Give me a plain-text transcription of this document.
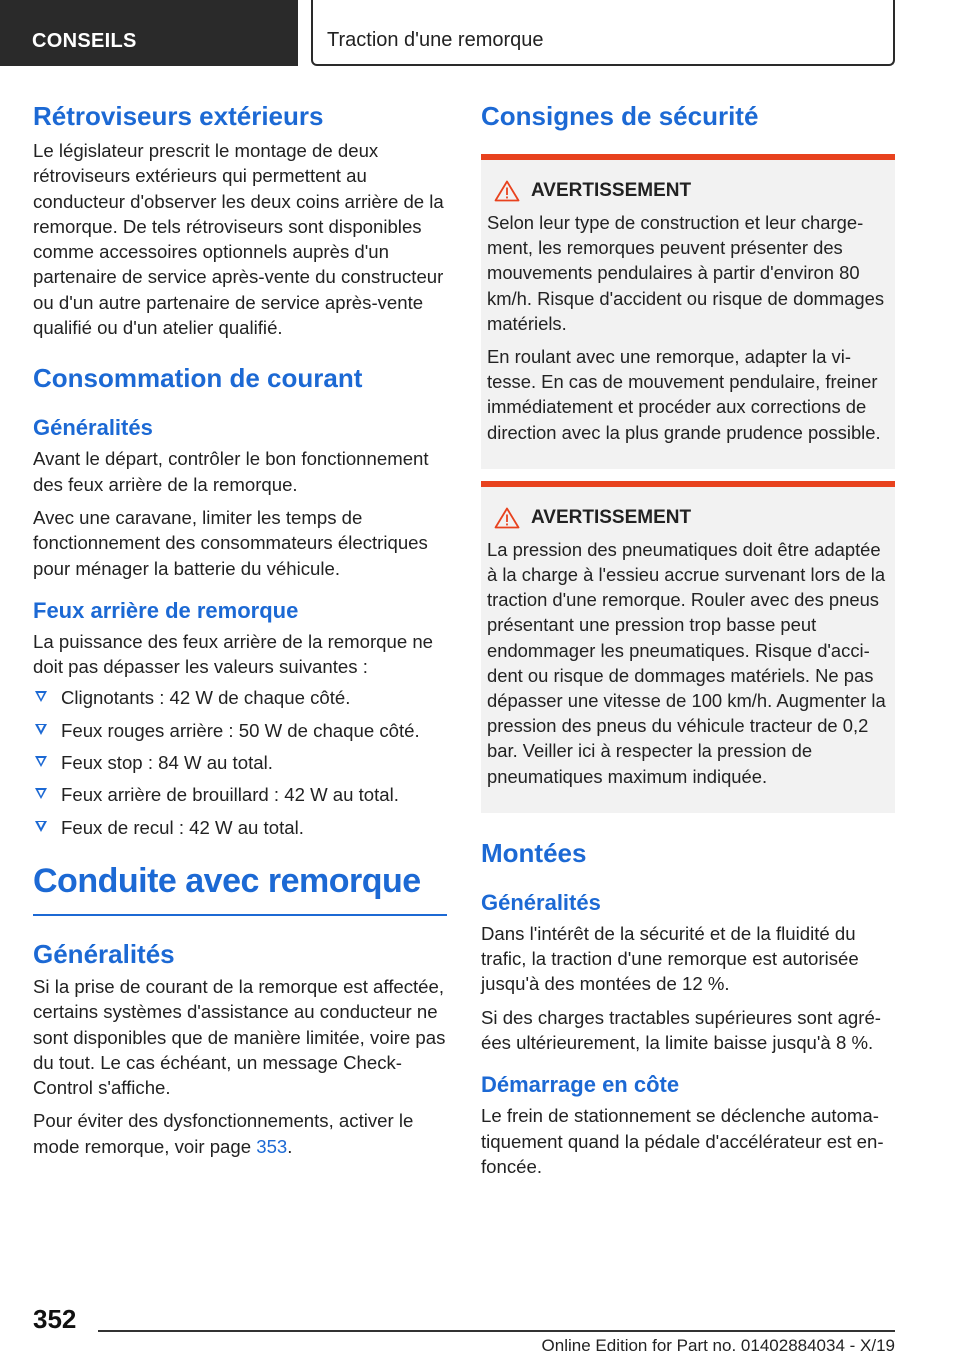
CONSEILS	Traction d'une remorque
Rétroviseurs extérieurs

Le législateur prescrit le montage de deux rétroviseurs extérieurs qui permettent au conducteur d'observer les deux coins arrière de la remorque. De tels rétroviseurs sont disponibles comme accessoires optionnels auprès d'un partenaire de service après-vente du constructeur ou d'un autre partenaire de service après-vente qualifié ou d'un atelier qualifié.

Consommation de courant
Généralités

Avant le départ, contrôler le bon fonctionnement des feux arrière de la remorque.

Avec une caravane, limiter les temps de fonctionnement des consommateurs électriques pour ménager la batterie du véhicule.

Feux arrière de remorque

La puissance des feux arrière de la remorque ne doit pas dépasser les valeurs suivantes :

Clignotants : 42 W de chaque côté.
Feux rouges arrière : 50 W de chaque côté.
Feux stop : 84 W au total.
Feux arrière de brouillard : 42 W au total.
Feux de recul : 42 W au total.
Conduite avec remorque
Généralités

Si la prise de courant de la remorque est affectée, certains systèmes d'assistance au conducteur ne sont disponibles que de manière limitée, voire pas du tout. Le cas échéant, un message Check-Control s'affiche.

Pour éviter des dysfonctionnements, activer le mode remorque, voir page 353.

Consignes de sécurité
AVERTISSEMENT

Selon leur type de construction et leur chargement, les remorques peuvent présenter des mouvements pendulaires à partir d'environ 80 km/h. Risque d'accident ou risque de dommages matériels.

En roulant avec une remorque, adapter la vitesse. En cas de mouvement pendulaire, freiner immédiatement et procéder aux corrections de direction avec la plus grande prudence possible.

AVERTISSEMENT

La pression des pneumatiques doit être adaptée à la charge à l'essieu accrue survenant lors de la traction d'une remorque. Rouler avec des pneus présentant une pression trop basse peut endommager les pneumatiques. Risque d'accident ou risque de dommages matériels. Ne pas dépasser une vitesse de 100 km/h. Augmenter la pression des pneus du véhicule tracteur de 0,2 bar. Veiller ici à respecter la pression de pneumatiques maximum indiquée.

Montées
Généralités

Dans l'intérêt de la sécurité et de la fluidité du trafic, la traction d'une remorque est autorisée jusqu'à des montées de 12 %.

Si des charges tractables supérieures sont agréées ultérieurement, la limite baisse jusqu'à 8 %.

Démarrage en côte

Le frein de stationnement se déclenche automatiquement quand la pédale d'accélérateur est enfoncée.

352
Online Edition for Part no. 01402884034 - X/19
